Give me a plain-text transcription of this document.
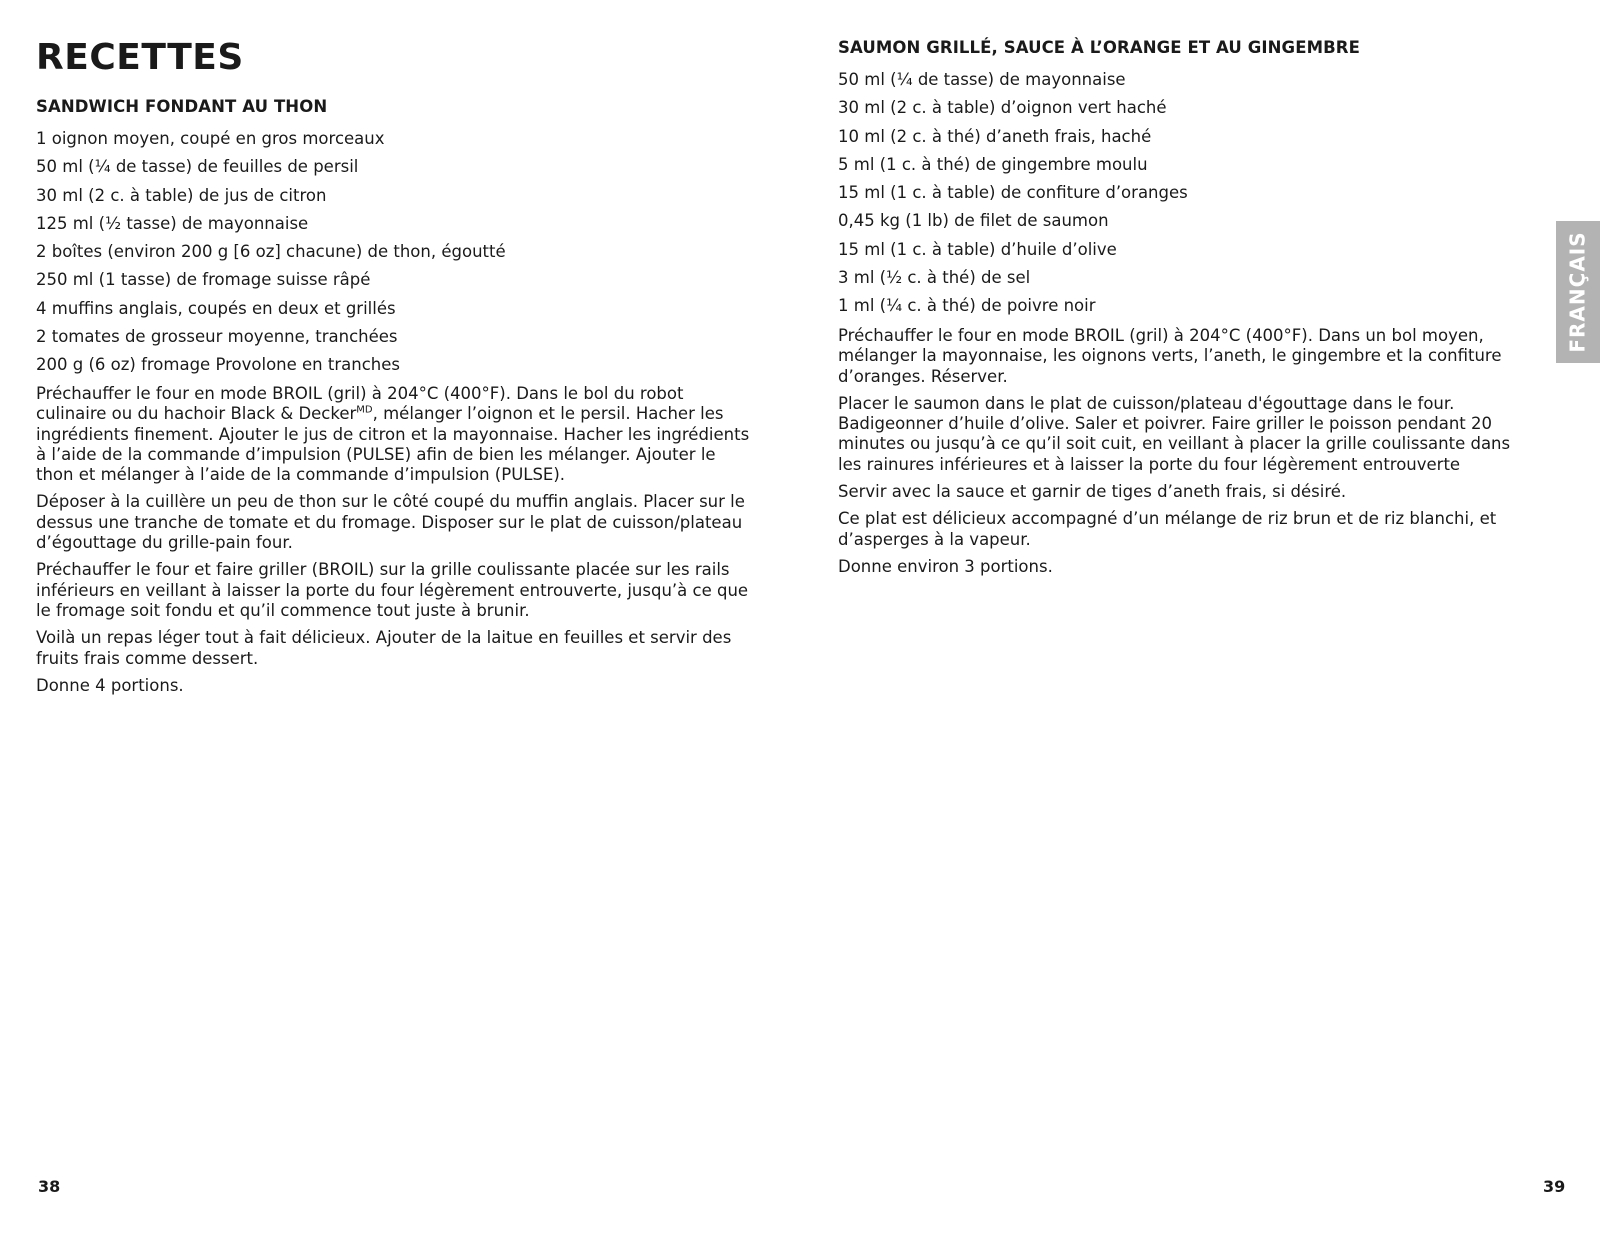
RECETTES
SANDWICH FONDANT AU THON
1 oignon moyen, coupé en gros morceaux
50 ml (¼ de tasse) de feuilles de persil
30 ml (2 c. à table) de jus de citron
125 ml (½ tasse) de mayonnaise
2 boîtes (environ 200 g [6 oz] chacune) de thon, égoutté
250 ml (1 tasse) de fromage suisse râpé
4 muffins anglais, coupés en deux et grillés
2 tomates de grosseur moyenne, tranchées
200 g (6 oz) fromage Provolone en tranches

Préchauffer le four en mode BROIL (gril) à 204°C (400°F). Dans le bol du robot culinaire ou du hachoir Black & Decker$^{MD}$, mélanger l’oignon et le persil. Hacher les ingrédients finement. Ajouter le jus de citron et la mayonnaise. Hacher les ingrédients à l’aide de la commande d’impulsion (PULSE) afin de bien les mélanger. Ajouter le thon et mélanger à l’aide de la commande d’impulsion (PULSE).

Déposer à la cuillère un peu de thon sur le côté coupé du muffin anglais. Placer sur le dessus une tranche de tomate et du fromage. Disposer sur le plat de cuisson/plateau d’égouttage du grille-pain four.

Préchauffer le four et faire griller (BROIL) sur la grille coulissante placée sur les rails inférieurs en veillant à laisser la porte du four légèrement entrouverte, jusqu’à ce que le fromage soit fondu et qu’il commence tout juste à brunir.

Voilà un repas léger tout à fait délicieux. Ajouter de la laitue en feuilles et servir des fruits frais comme dessert.

Donne 4 portions.

SAUMON GRILLÉ, SAUCE À L’ORANGE ET AU GINGEMBRE
50 ml (¼ de tasse) de mayonnaise
30 ml (2 c. à table) d’oignon vert haché
10 ml (2 c. à thé) d’aneth frais, haché
5 ml (1 c. à thé) de gingembre moulu
15 ml (1 c. à table) de confiture d’oranges
0,45 kg (1 lb) de filet de saumon
15 ml (1 c. à table) d’huile d’olive
3 ml (½ c. à thé) de sel
1 ml (¼ c. à thé) de poivre noir

Préchauffer le four en mode BROIL (gril) à 204°C (400°F). Dans un bol moyen, mélanger la mayonnaise, les oignons verts, l’aneth, le gingembre et la confiture d’oranges. Réserver.

Placer le saumon dans le plat de cuisson/plateau d'égouttage dans le four. Badigeonner d’huile d’olive. Saler et poivrer. Faire griller le poisson pendant 20 minutes ou jusqu’à ce qu’il soit cuit, en veillant à placer la grille coulissante dans les rainures inférieures et à laisser la porte du four légèrement entrouverte

Servir avec la sauce et garnir de tiges d’aneth frais, si désiré.

Ce plat est délicieux accompagné d’un mélange de riz brun et de riz blanchi, et d’asperges à la vapeur.

Donne environ 3 portions.

FRANÇAIS
38	39
